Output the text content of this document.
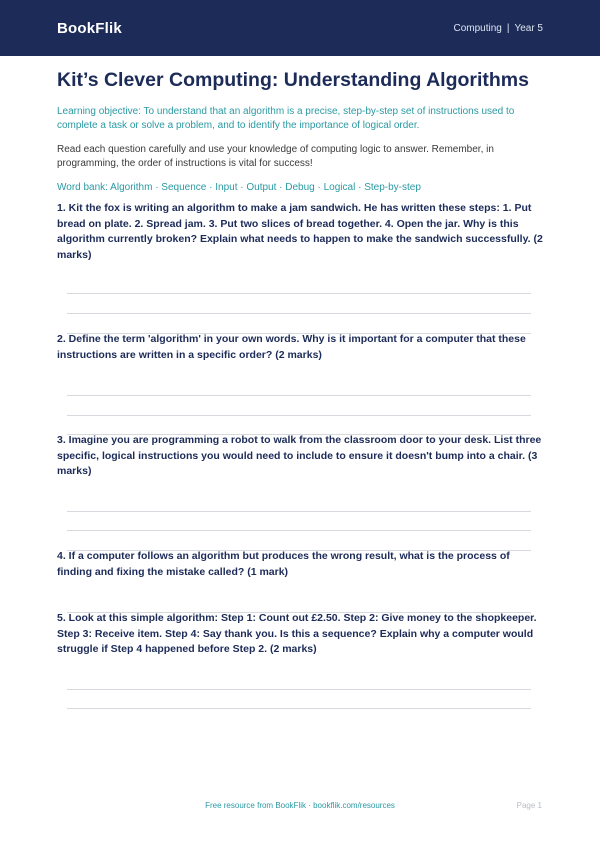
BookFlik	Computing | Year 5
Kit’s Clever Computing: Understanding Algorithms
Learning objective: To understand that an algorithm is a precise, step-by-step set of instructions used to complete a task or solve a problem, and to identify the importance of logical order.
Read each question carefully and use your knowledge of computing logic to answer. Remember, in programming, the order of instructions is vital for success!
Word bank: Algorithm · Sequence · Input · Output · Debug · Logical · Step-by-step
1. Kit the fox is writing an algorithm to make a jam sandwich. He has written these steps: 1. Put bread on plate. 2. Spread jam. 3. Put two slices of bread together. 4. Open the jar. Why is this algorithm currently broken? Explain what needs to happen to make the sandwich successfully. (2 marks)
2. Define the term 'algorithm' in your own words. Why is it important for a computer that these instructions are written in a specific order? (2 marks)
3. Imagine you are programming a robot to walk from the classroom door to your desk. List three specific, logical instructions you would need to include to ensure it doesn't bump into a chair. (3 marks)
4. If a computer follows an algorithm but produces the wrong result, what is the process of finding and fixing the mistake called? (1 mark)
5. Look at this simple algorithm: Step 1: Count out £2.50. Step 2: Give money to the shopkeeper. Step 3: Receive item. Step 4: Say thank you. Is this a sequence? Explain why a computer would struggle if Step 4 happened before Step 2. (2 marks)
Free resource from BookFlik · bookflik.com/resources	Page 1
